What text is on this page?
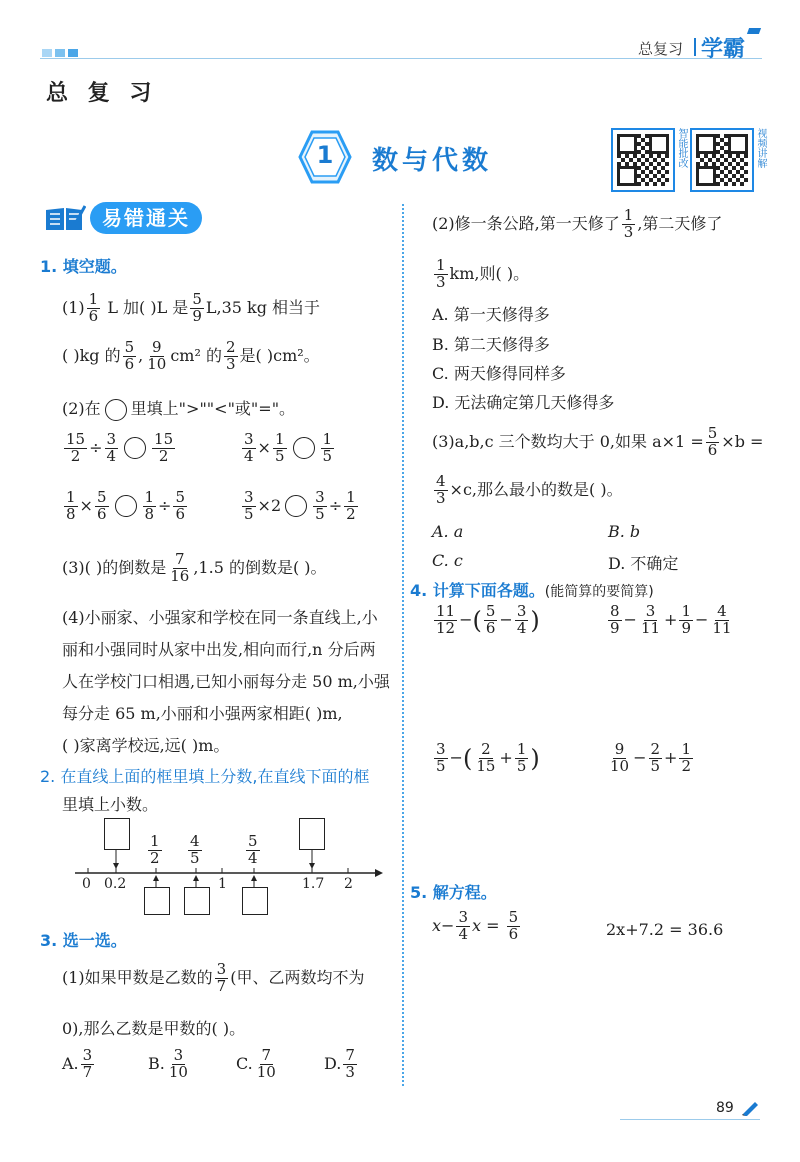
总复习 学霸
总 复 习
1	数与代数	智能批改	视频讲解
易错通关
1. 填空题。
$(1) \frac{1}{6}$ L 加( )L 是 $\frac{5}{9} L,35$ kg 相当于
( )kg 的 $\frac{5}{6}$ , $\frac{9}{10} cm^2$ 的 $\frac{2}{3}$ 是( )cm²。
(2)在 里填上">""<"或"="。
$\frac{15}{2} \div \frac{3}{4} \frac{15}{2}$	$\frac{3}{4} \times \frac{1}{5} \frac{1}{5}$
$\frac{1}{8} \times \frac{5}{6} \frac{1}{8} \div \frac{5}{6}$	$\frac{3}{5} \times 2 \frac{3}{5} \div \frac{1}{2}$
(3)( )的倒数是 $\frac{7}{16} ,1.5$ 的倒数是( )。
(4)小丽家、小强家和学校在同一条直线上,小
丽和小强同时从家中出发,相向而行,n 分后两
人在学校门口相遇,已知小丽每分走 50 m,小强
每分走 65 m,小丽和小强两家相距( )m,
( )家离学校远,远( )m。
2. 在直线上面的框里填上分数,在直线下面的框
里填上小数。
$\frac{1}{2} \frac{4}{5}$	$\frac{5}{4}$
0 0.2	1	1.7 2
3. 选一选。
(1)如果甲数是乙数的 $\frac{3}{7}$ (甲、乙两数均不为
0),那么乙数是甲数的( )。
A. $\frac{3}{7}$	B. $\frac{3}{10}$	C. $\frac{7}{10}$	D. $\frac{7}{3}$
(2)修一条公路,第一天修了 $\frac{1}{3}$ ,第二天修了
$\frac{1}{3}$ km,则( )。
A. 第一天修得多
B. 第二天修得多
C. 两天修得同样多
D. 无法确定第几天修得多
(3)a,b,c 三个数均大于 0,如果 $a\times 1 = \frac{5}{6} \times b$ =
$\frac{4}{3} \times c$,那么最小的数是( )。
A. a	B. b
C. c	D. 不确定
4. 计算下面各题。(能简算的要简算)
$\frac{11}{12}$ −( $\frac{5}{6} - \frac{3}{4}$ )	$\frac{8}{9} - \frac{3}{11} + \frac{1}{9} - \frac{4}{11}$
$\frac{3}{5}$ −( $\frac{2}{15} + \frac{1}{5}$ )	$\frac{9}{10} - \frac{2}{5} + \frac{1}{2}$
5. 解方程。
$x- \frac{3}{4}$ $x = \frac{5}{6}$	2x+7.2 = 36.6
89
